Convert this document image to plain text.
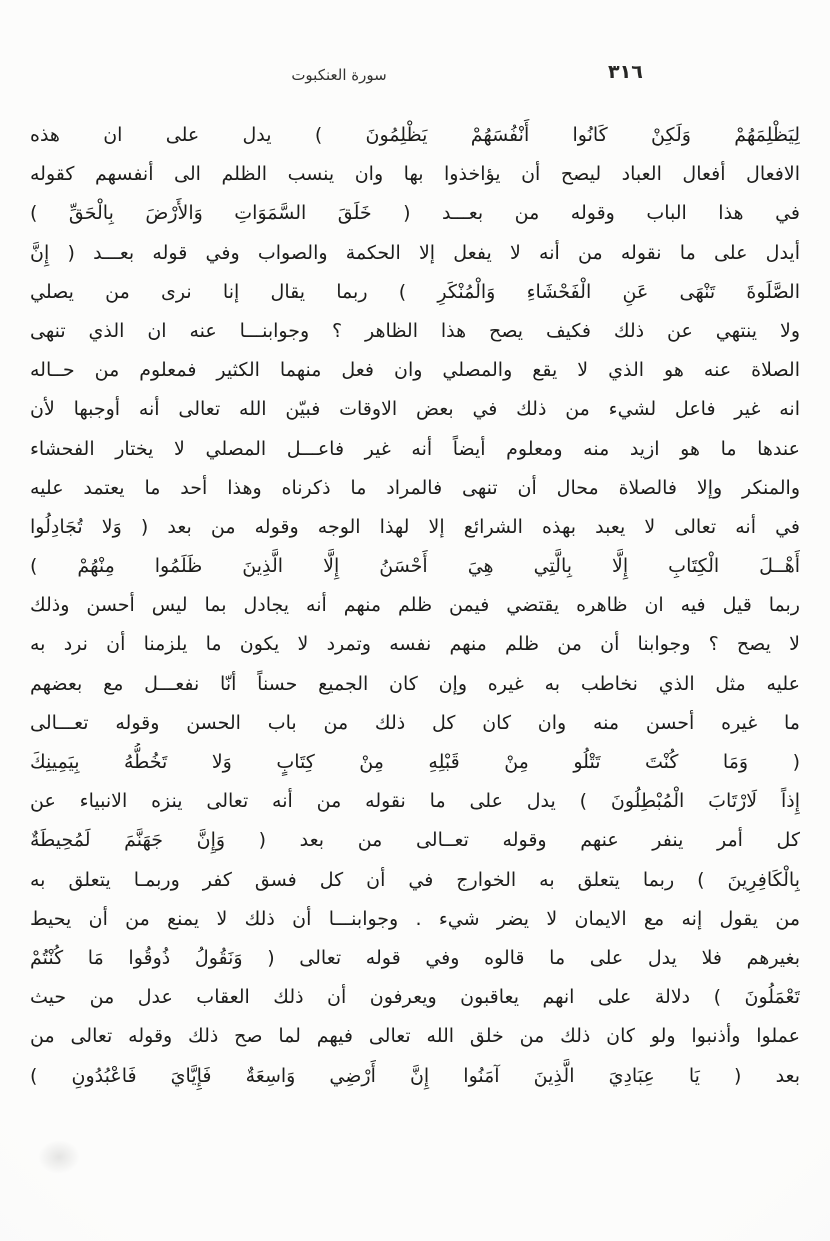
سورة العنكبوت	٣١٦
لِيَظْلِمَهُمْ وَلَكِنْ كَانُوا أَنْفُسَهُمْ يَظْلِمُونَ ) يدل على ان هذه
الافعال أفعال العباد ليصح أن يؤاخذوا بها وان ينسب الظلم الى أنفسهم كقوله
في هذا الباب وقوله من بعـــد ( خَلَقَ السَّمَوَاتِ وَالأَرْضَ بِالْحَقِّ )
أيدل على ما نقوله من أنه لا يفعل إلا الحكمة والصواب وفي قوله بعـــد ( إِنَّ
الصَّلَوةَ تَنْهَى عَنِ الْفَحْشَاءِ وَالْمُنْكَرِ ) ربما يقال إنا نرى من يصلي
ولا ينتهي عن ذلك فكيف يصح هذا الظاهر ؟ وجوابنـــا عنه ان الذي تنهى
الصلاة عنه هو الذي لا يقع والمصلي وان فعل منهما الكثير فمعلوم من حــاله
انه غير فاعل لشيء من ذلك في بعض الاوقات فبيّن الله تعالى أنه أوجبها لأن
عندها ما هو ازيد منه ومعلوم أيضاً أنه غير فاعـــل المصلي لا يختار الفحشاء
والمنكر وإلا فالصلاة محال أن تنهى فالمراد ما ذكرناه وهذا أحد ما يعتمد عليه
في أنه تعالى لا يعبد بهذه الشرائع إلا لهذا الوجه وقوله من بعد ( وَلا تُجَادِلُوا
أَهْــلَ الْكِتَابِ إِلَّا بِالَّتِي هِيَ أَحْسَنُ إِلَّا الَّذِينَ ظَلَمُوا مِنْهُمْ )
ربما قيل فيه ان ظاهره يقتضي فيمن ظلم منهم أنه يجادل بما ليس أحسن وذلك
لا يصح ؟ وجوابنا أن من ظلم منهم نفسه وتمرد لا يكون ما يلزمنا أن نرد به
عليه مثل الذي نخاطب به غيره وإن كان الجميع حسناً أنّا نفعـــل مع بعضهم
ما غيره أحسن منه وان كان كل ذلك من باب الحسن وقوله تعـــالى
( وَمَا كُنْتَ تَتْلُو مِنْ قَبْلِهِ مِنْ كِتَابٍ وَلا تَخُطُّهُ بِيَمِينِكَ
إِذاً لَارْتَابَ الْمُبْطِلُونَ ) يدل على ما نقوله من أنه تعالى ينزه الانبياء عن
كل أمر ينفر عنهم وقوله تعــالى من بعد ( وَإِنَّ جَهَنَّمَ لَمُحِيطَةٌ
بِالْكَافِرِينَ ) ربما يتعلق به الخوارج في أن كل فسق كفر وربمـا يتعلق به
من يقول إنه مع الايمان لا يضر شيء . وجوابنـــا أن ذلك لا يمنع من أن يحيط
بغيرهم فلا يدل على ما قالوه وفي قوله تعالى ( وَنَقُولُ ذُوقُوا مَا كُنْتُمْ
تَعْمَلُونَ ) دلالة على انهم يعاقبون ويعرفون أن ذلك العقاب عدل من حيث
عملوا وأذنبوا ولو كان ذلك من خلق الله تعالى فيهم لما صح ذلك وقوله تعالى من
بعد ( يَا عِبَادِيَ الَّذِينَ آمَنُوا إِنَّ أَرْضِي وَاسِعَةٌ فَإِيَّايَ فَاعْبُدُونِ )
